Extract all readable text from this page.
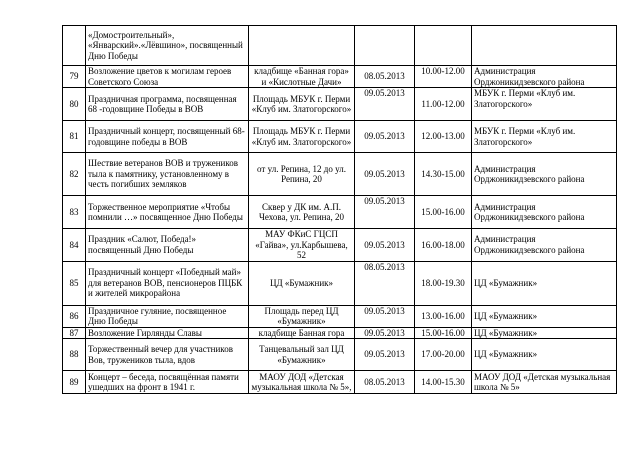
	«Домостроительный», «Январский».«Лёвшино», посвященный Дню Победы				
79	Возложение цветов к могилам героев Советского Союза	кладбище «Банная гора» и «Кислотные Дачи»	08.05.2013	10.00-12.00	Администрация Орджоникидзевского района
80	Праздничная программа, посвященная 68 -годовщине Победы в ВОВ	Площадь МБУК г. Перми «Клуб им. Златогорского»	09.05.2013	11.00-12.00	МБУК г. Перми «Клуб им. Златогорского»
81	Праздничный концерт, посвященный 68-годовщине победы в ВОВ	Площадь МБУК г. Перми «Клуб им. Златогорского»	09.05.2013	12.00-13.00	МБУК г. Перми «Клуб им. Златогорского»
82	Шествие ветеранов ВОВ и тружеников тыла к памятнику, установленному в честь погибших земляков	от ул. Репина, 12 до ул. Репина, 20	09.05.2013	14.30-15.00	Администрация Орджоникидзевского района
83	Торжественное мероприятие «Чтобы помнили …» посвященное Дню Победы	Сквер у ДК им. А.П. Чехова, ул. Репина, 20	09.05.2013	15.00-16.00	Администрация Орджоникидзевского района
84	Праздник «Салют, Победа!» посвященный Дню Победы	МАУ ФКиС ГЦСП «Гайва», ул.Карбышева, 52	09.05.2013	16.00-18.00	Администрация Орджоникидзевского района
85	Праздничный концерт «Победный май» для ветеранов ВОВ, пенсионеров ПЦБК и жителей микрорайона	ЦД «Бумажник»	08.05.2013	18.00-19.30	ЦД «Бумажник»
86	Праздничное гуляние, посвященное Дню Победы	Площадь перед ЦД «Бумажник»	09.05.2013	13.00-16.00	ЦД «Бумажник»
87	Возложение Гирлянды Славы	кладбище Банная гора	09.05.2013	15.00-16.00	ЦД «Бумажник»
88	Торжественный вечер для участников Вов, тружеников тыла, вдов	Танцевальный зал ЦД «Бумажник»	09.05.2013	17.00-20.00	ЦД «Бумажник»
89	Концерт – беседа, посвящённая памяти ушедших на фронт в 1941 г.	МАОУ ДОД «Детская музыкальная школа № 5»,	08.05.2013	14.00-15.30	МАОУ ДОД «Детская музыкальная школа № 5»
